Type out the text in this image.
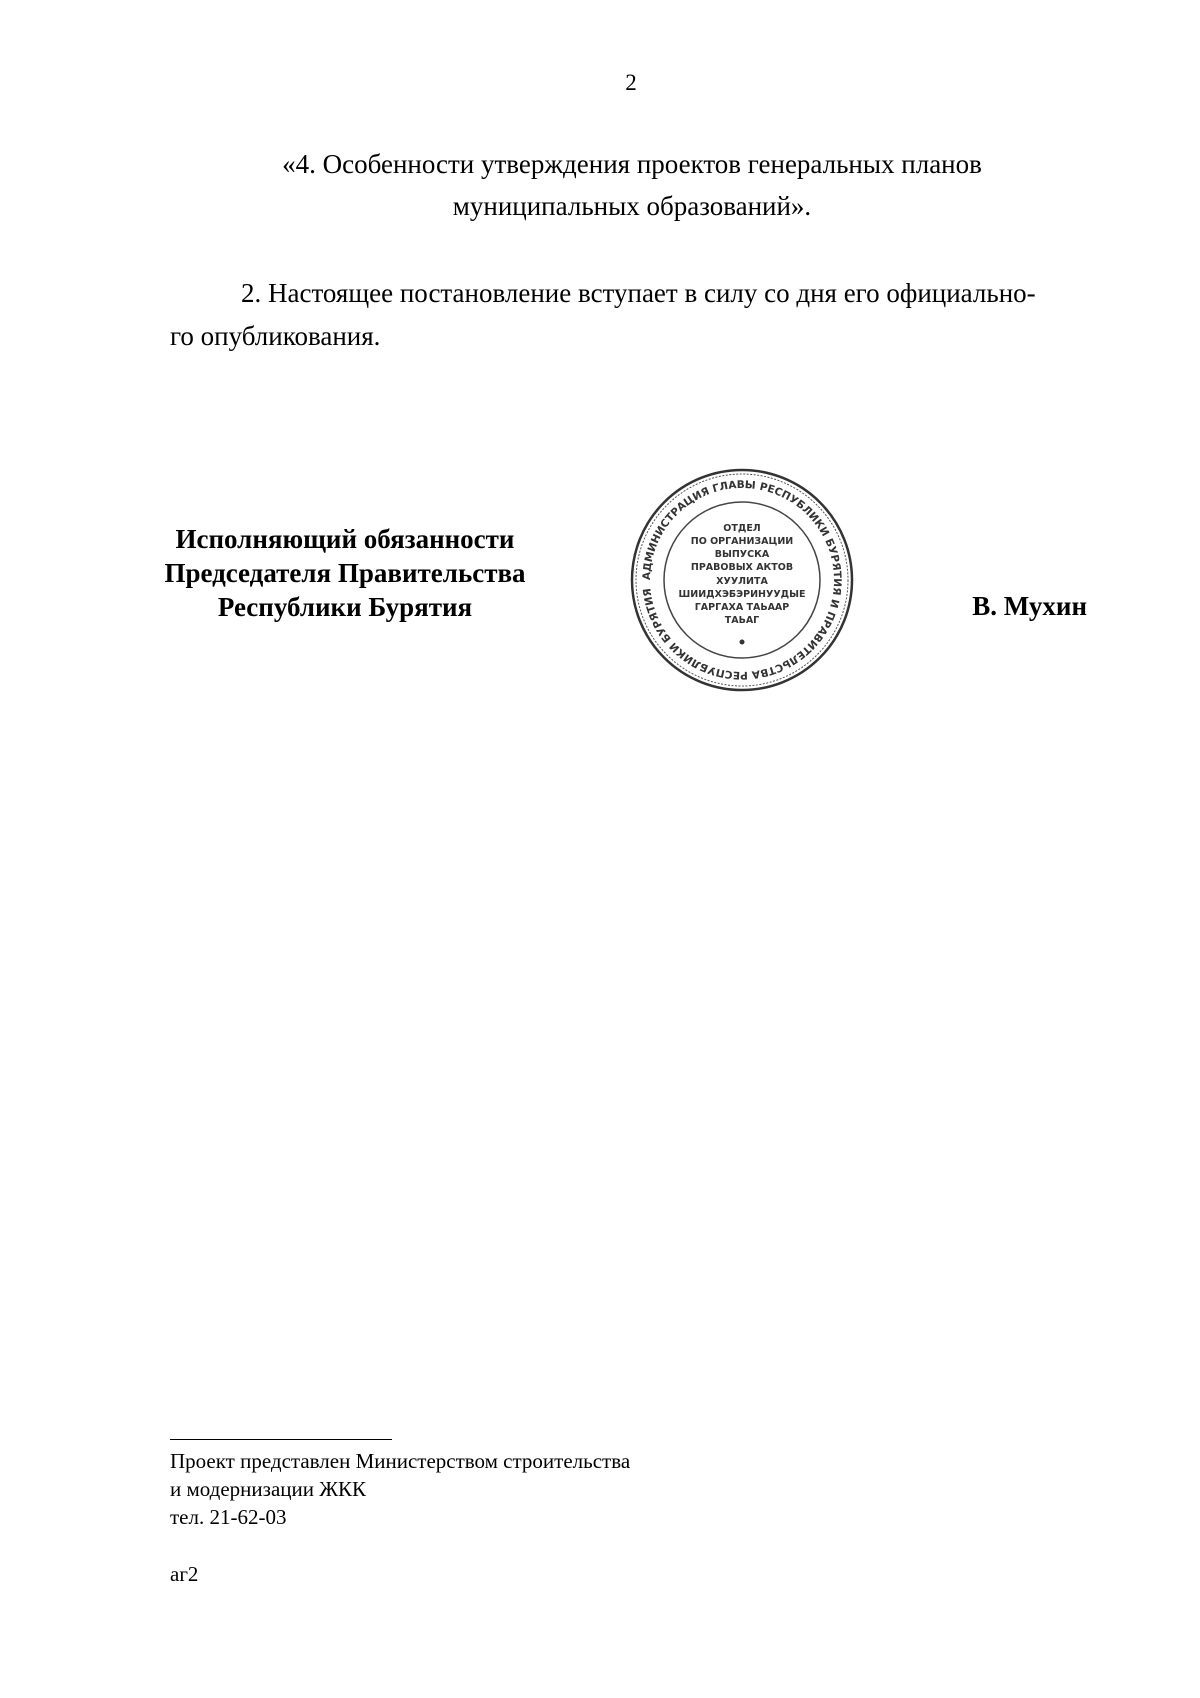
2
«4. Особенности утверждения проектов генеральных планов
муниципальных образований».
2. Настоящее постановление вступает в силу со дня его официально-
го опубликования.
Исполняющий обязанности
Председателя Правительства
Республики Бурятия
АДМИНИСТРАЦИЯ ГЛАВЫ РЕСПУБЛИКИ БУРЯТИЯ И ПРАВИТЕЛЬСТВА РЕСПУБЛИКИ БУРЯТИЯ
ОТДЕЛ
ПО ОРГАНИЗАЦИИ
ВЫПУСКА
ПРАВОВЫХ АКТОВ
ХУУЛИТА
ШИИДХЭБЭРИНУУДЫЕ
ГАРГАХА ТАЬААР
ТАЬАГ	В. Мухин
Проект представлен Министерством строительства
и модернизации ЖКК
тел. 21-62-03
аг2
